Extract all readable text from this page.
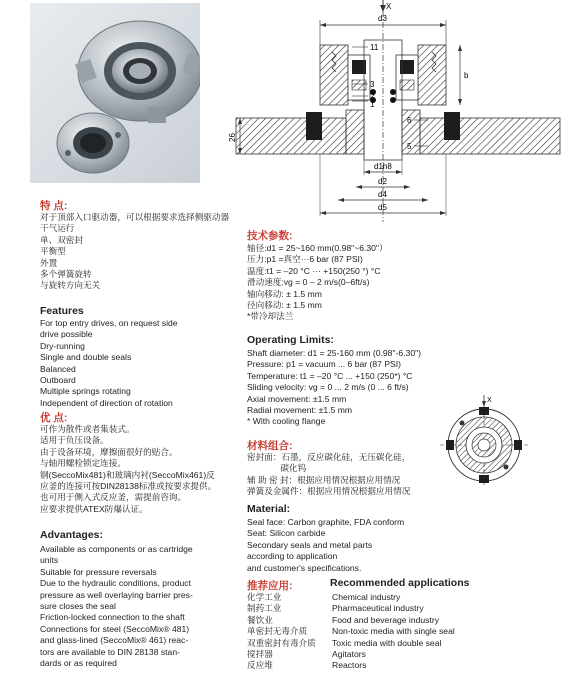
X
d3
b
26
d1h8
d2
d4
d5
11
3
2
1
6
5
特 点:
对于顶部入口驱动器，可以根据要求选择侧驱动器
干气运行
单、双密封
平衡型
外置
多个弹簧旋转
与旋转方向无关
Features
For top entry drives, on request side
drive possible
Dry-running
Single and double seals
Balanced
Outboard
Multiple springs rotating
Independent of direction of rotation
优 点:
可作为散件或者集装式。
适用于负压设备。
由于设备环境，摩擦面很好的贴合。
与轴用螺栓锁定连接。
钢(SeccoMix481)和玻璃内衬(SeccoMix461)反
应釜的连接可按DIN28138标准或按要求提供。
也可用于侧入式反应釜，需提前咨询。
应要求提供ATEX防爆认证。
Advantages:
Available as components or as cartridge
units
Suitable for pressure reversals
Due to the hydraulic conditions, product
pressure as well overlaying barrier pres-
sure closes the seal
Friction-locked connection to the shaft
Connections for steel (SeccoMix® 481)
and glass-lined (SeccoMix® 461) reac-
tors are available to DIN 28138 stan-
dards or as required
技术参数:
轴径:d1 = 25~160 mm(0.98"~6.30"）
压力:p1 =真空···6 bar (87 PSI)
温度:t1 = –20 °C ··· +150(250 °) °C
滑动速度:vg = 0 – 2 m/s(0–6ft/s)
轴向移动: ± 1.5 mm
径向移动: ± 1.5 mm
*带冷却法兰
Operating Limits:
Shaft diameter: d1 = 25-160 mm (0.98"-6.30")
Pressure: p1 = vacuum ... 6 bar (87 PSI)
Temperature: t1 = –20 °C ... +150 (250*) °C
Sliding velocity: vg = 0 ... 2 m/s (0 ... 6 ft/s)
Axial movement: ±1.5 mm
Radial movement: ±1.5 mm
* With cooling flange
X
材料组合:
密封面：石墨，反应碳化硅，无压碳化硅，
碳化钨
辅 助 密 封：根据应用情况根据应用情况
弹簧及金属件：根据应用情况根据应用情况
Material:
Seal face: Carbon graphite, FDA conform
Seat: Silicon carbide
Secondary seals and metal parts
according to application
and customer's specifications.
推荐应用:	Recommended applications
化学工业
制药工业
餐饮业
单密封无毒介质
双重密封有毒介质
搅拌器
反应堆
Chemical industry
Pharmaceutical industry
Food and beverage industry
Non-toxic media with single seal
Toxic media with double seal
Agitators
Reactors
